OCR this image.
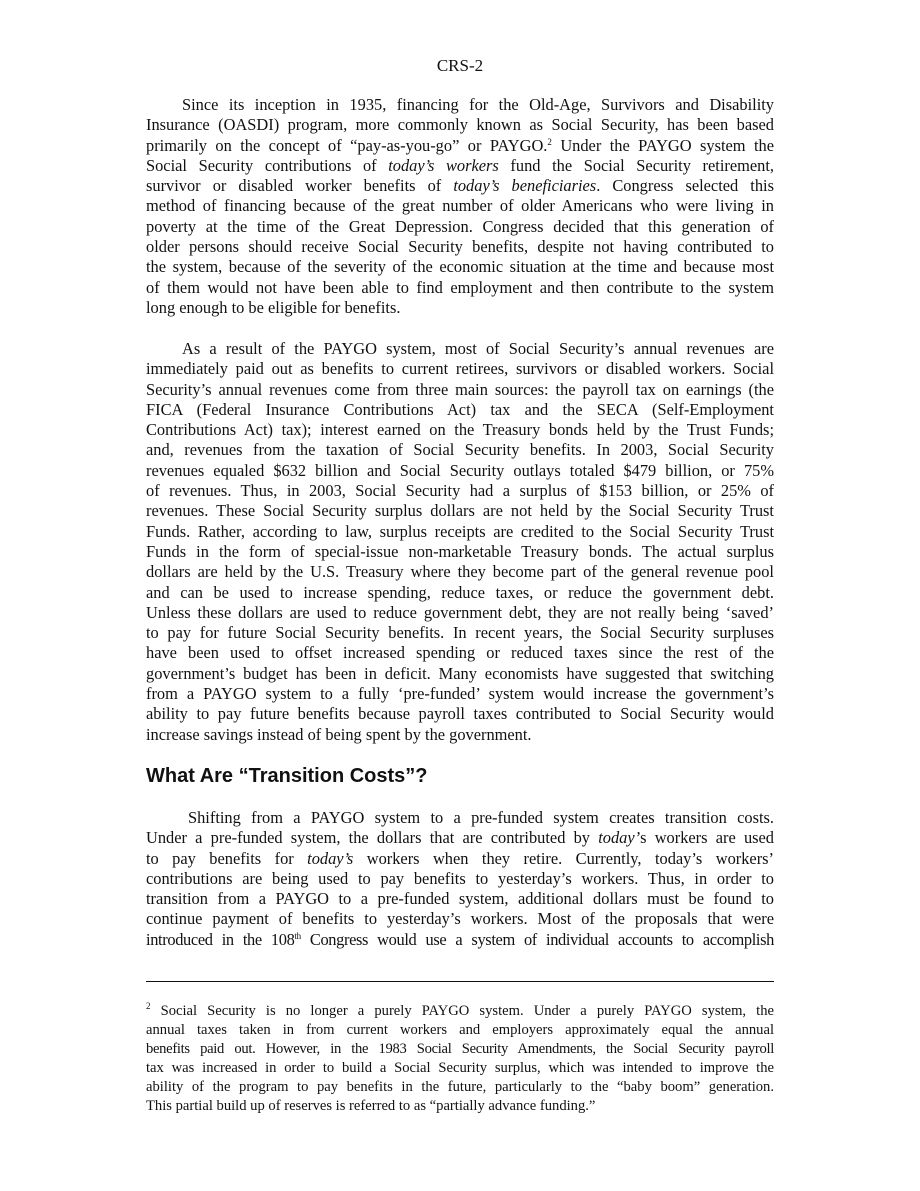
CRS-2
Since its inception in 1935, financing for the Old-Age, Survivors and Disability
Insurance (OASDI) program, more commonly known as Social Security, has been based
primarily on the concept of “pay-as-you-go” or PAYGO.$^2$ Under the PAYGO system the
Social Security contributions of today’s workers fund the Social Security retirement,
survivor or disabled worker benefits of today’s beneficiaries. Congress selected this
method of financing because of the great number of older Americans who were living in
poverty at the time of the Great Depression. Congress decided that this generation of
older persons should receive Social Security benefits, despite not having contributed to
the system, because of the severity of the economic situation at the time and because most
of them would not have been able to find employment and then contribute to the system
long enough to be eligible for benefits.
As a result of the PAYGO system, most of Social Security’s annual revenues are
immediately paid out as benefits to current retirees, survivors or disabled workers. Social
Security’s annual revenues come from three main sources: the payroll tax on earnings (the
FICA (Federal Insurance Contributions Act) tax and the SECA (Self-Employment
Contributions Act) tax); interest earned on the Treasury bonds held by the Trust Funds;
and, revenues from the taxation of Social Security benefits. In 2003, Social Security
revenues equaled $632 billion and Social Security outlays totaled $479 billion, or 75%
of revenues. Thus, in 2003, Social Security had a surplus of $153 billion, or 25% of
revenues. These Social Security surplus dollars are not held by the Social Security Trust
Funds. Rather, according to law, surplus receipts are credited to the Social Security Trust
Funds in the form of special-issue non-marketable Treasury bonds. The actual surplus
dollars are held by the U.S. Treasury where they become part of the general revenue pool
and can be used to increase spending, reduce taxes, or reduce the government debt.
Unless these dollars are used to reduce government debt, they are not really being ‘saved’
to pay for future Social Security benefits. In recent years, the Social Security surpluses
have been used to offset increased spending or reduced taxes since the rest of the
government’s budget has been in deficit. Many economists have suggested that switching
from a PAYGO system to a fully ‘pre-funded’ system would increase the government’s
ability to pay future benefits because payroll taxes contributed to Social Security would
increase savings instead of being spent by the government.
What Are “Transition Costs”?
Shifting from a PAYGO system to a pre-funded system creates transition costs.
Under a pre-funded system, the dollars that are contributed by today’s workers are used
to pay benefits for today’s workers when they retire. Currently, today’s workers’
contributions are being used to pay benefits to yesterday’s workers. Thus, in order to
transition from a PAYGO to a pre-funded system, additional dollars must be found to
continue payment of benefits to yesterday’s workers. Most of the proposals that were
introduced in the 108th Congress would use a system of individual accounts to accomplish
$^2$ Social Security is no longer a purely PAYGO system. Under a purely PAYGO system, the
annual taxes taken in from current workers and employers approximately equal the annual
benefits paid out. However, in the 1983 Social Security Amendments, the Social Security payroll
tax was increased in order to build a Social Security surplus, which was intended to improve the
ability of the program to pay benefits in the future, particularly to the “baby boom” generation.
This partial build up of reserves is referred to as “partially advance funding.”
